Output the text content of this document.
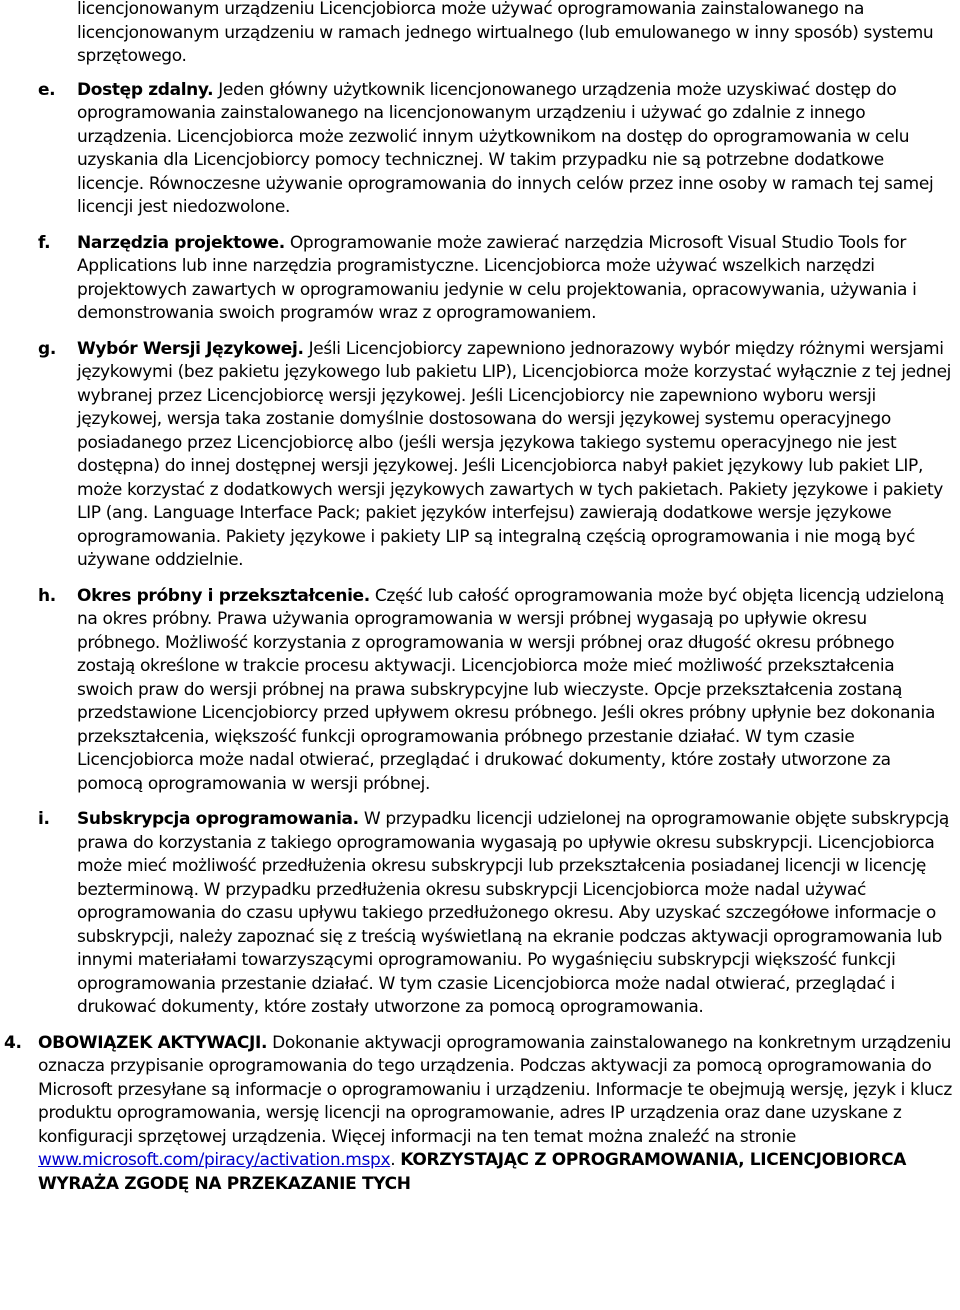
licencjonowanym urządzeniu Licencjobiorca może używać oprogramowania zainstalowanego na licencjonowanym urządzeniu w ramach jednego wirtualnego (lub emulowanego w inny sposób) systemu sprzętowego.

e. Dostęp zdalny. Jeden główny użytkownik licencjonowanego urządzenia może uzyskiwać dostęp do oprogramowania zainstalowanego na licencjonowanym urządzeniu i używać go zdalnie z innego urządzenia. Licencjobiorca może zezwolić innym użytkownikom na dostęp do oprogramowania w celu uzyskania dla Licencjobiorcy pomocy technicznej. W takim przypadku nie są potrzebne dodatkowe licencje. Równoczesne używanie oprogramowania do innych celów przez inne osoby w ramach tej samej licencji jest niedozwolone.

f. Narzędzia projektowe. Oprogramowanie może zawierać narzędzia Microsoft Visual Studio Tools for Applications lub inne narzędzia programistyczne. Licencjobiorca może używać wszelkich narzędzi projektowych zawartych w oprogramowaniu jedynie w celu projektowania, opracowywania, używania i demonstrowania swoich programów wraz z oprogramowaniem.

g. Wybór Wersji Językowej. Jeśli Licencjobiorcy zapewniono jednorazowy wybór między różnymi wersjami językowymi (bez pakietu językowego lub pakietu LIP), Licencjobiorca może korzystać wyłącznie z tej jednej wybranej przez Licencjobiorcę wersji językowej. Jeśli Licencjobiorcy nie zapewniono wyboru wersji językowej, wersja taka zostanie domyślnie dostosowana do wersji językowej systemu operacyjnego posiadanego przez Licencjobiorcę albo (jeśli wersja językowa takiego systemu operacyjnego nie jest dostępna) do innej dostępnej wersji językowej. Jeśli Licencjobiorca nabył pakiet językowy lub pakiet LIP, może korzystać z dodatkowych wersji językowych zawartych w tych pakietach. Pakiety językowe i pakiety LIP (ang. Language Interface Pack; pakiet języków interfejsu) zawierają dodatkowe wersje językowe oprogramowania. Pakiety językowe i pakiety LIP są integralną częścią oprogramowania i nie mogą być używane oddzielnie.

h. Okres próbny i przekształcenie. Część lub całość oprogramowania może być objęta licencją udzieloną na okres próbny. Prawa używania oprogramowania w wersji próbnej wygasają po upływie okresu próbnego. Możliwość korzystania z oprogramowania w wersji próbnej oraz długość okresu próbnego zostają określone w trakcie procesu aktywacji. Licencjobiorca może mieć możliwość przekształcenia swoich praw do wersji próbnej na prawa subskrypcyjne lub wieczyste. Opcje przekształcenia zostaną przedstawione Licencjobiorcy przed upływem okresu próbnego. Jeśli okres próbny upłynie bez dokonania przekształcenia, większość funkcji oprogramowania próbnego przestanie działać. W tym czasie Licencjobiorca może nadal otwierać, przeglądać i drukować dokumenty, które zostały utworzone za pomocą oprogramowania w wersji próbnej.

i. Subskrypcja oprogramowania. W przypadku licencji udzielonej na oprogramowanie objęte subskrypcją prawa do korzystania z takiego oprogramowania wygasają po upływie okresu subskrypcji. Licencjobiorca może mieć możliwość przedłużenia okresu subskrypcji lub przekształcenia posiadanej licencji w licencję bezterminową. W przypadku przedłużenia okresu subskrypcji Licencjobiorca może nadal używać oprogramowania do czasu upływu takiego przedłużonego okresu. Aby uzyskać szczegółowe informacje o subskrypcji, należy zapoznać się z treścią wyświetlaną na ekranie podczas aktywacji oprogramowania lub innymi materiałami towarzyszącymi oprogramowaniu. Po wygaśnięciu subskrypcji większość funkcji oprogramowania przestanie działać. W tym czasie Licencjobiorca może nadal otwierać, przeglądać i drukować dokumenty, które zostały utworzone za pomocą oprogramowania.

4. OBOWIĄZEK AKTYWACJI. Dokonanie aktywacji oprogramowania zainstalowanego na konkretnym urządzeniu oznacza przypisanie oprogramowania do tego urządzenia. Podczas aktywacji za pomocą oprogramowania do Microsoft przesyłane są informacje o oprogramowaniu i urządzeniu. Informacje te obejmują wersję, język i klucz produktu oprogramowania, wersję licencji na oprogramowanie, adres IP urządzenia oraz dane uzyskane z konfiguracji sprzętowej urządzenia. Więcej informacji na ten temat można znaleźć na stronie www.microsoft.com/piracy/activation.mspx. KORZYSTAJĄC Z OPROGRAMOWANIA, LICENCJOBIORCA WYRAŻA ZGODĘ NA PRZEKAZANIE TYCH
